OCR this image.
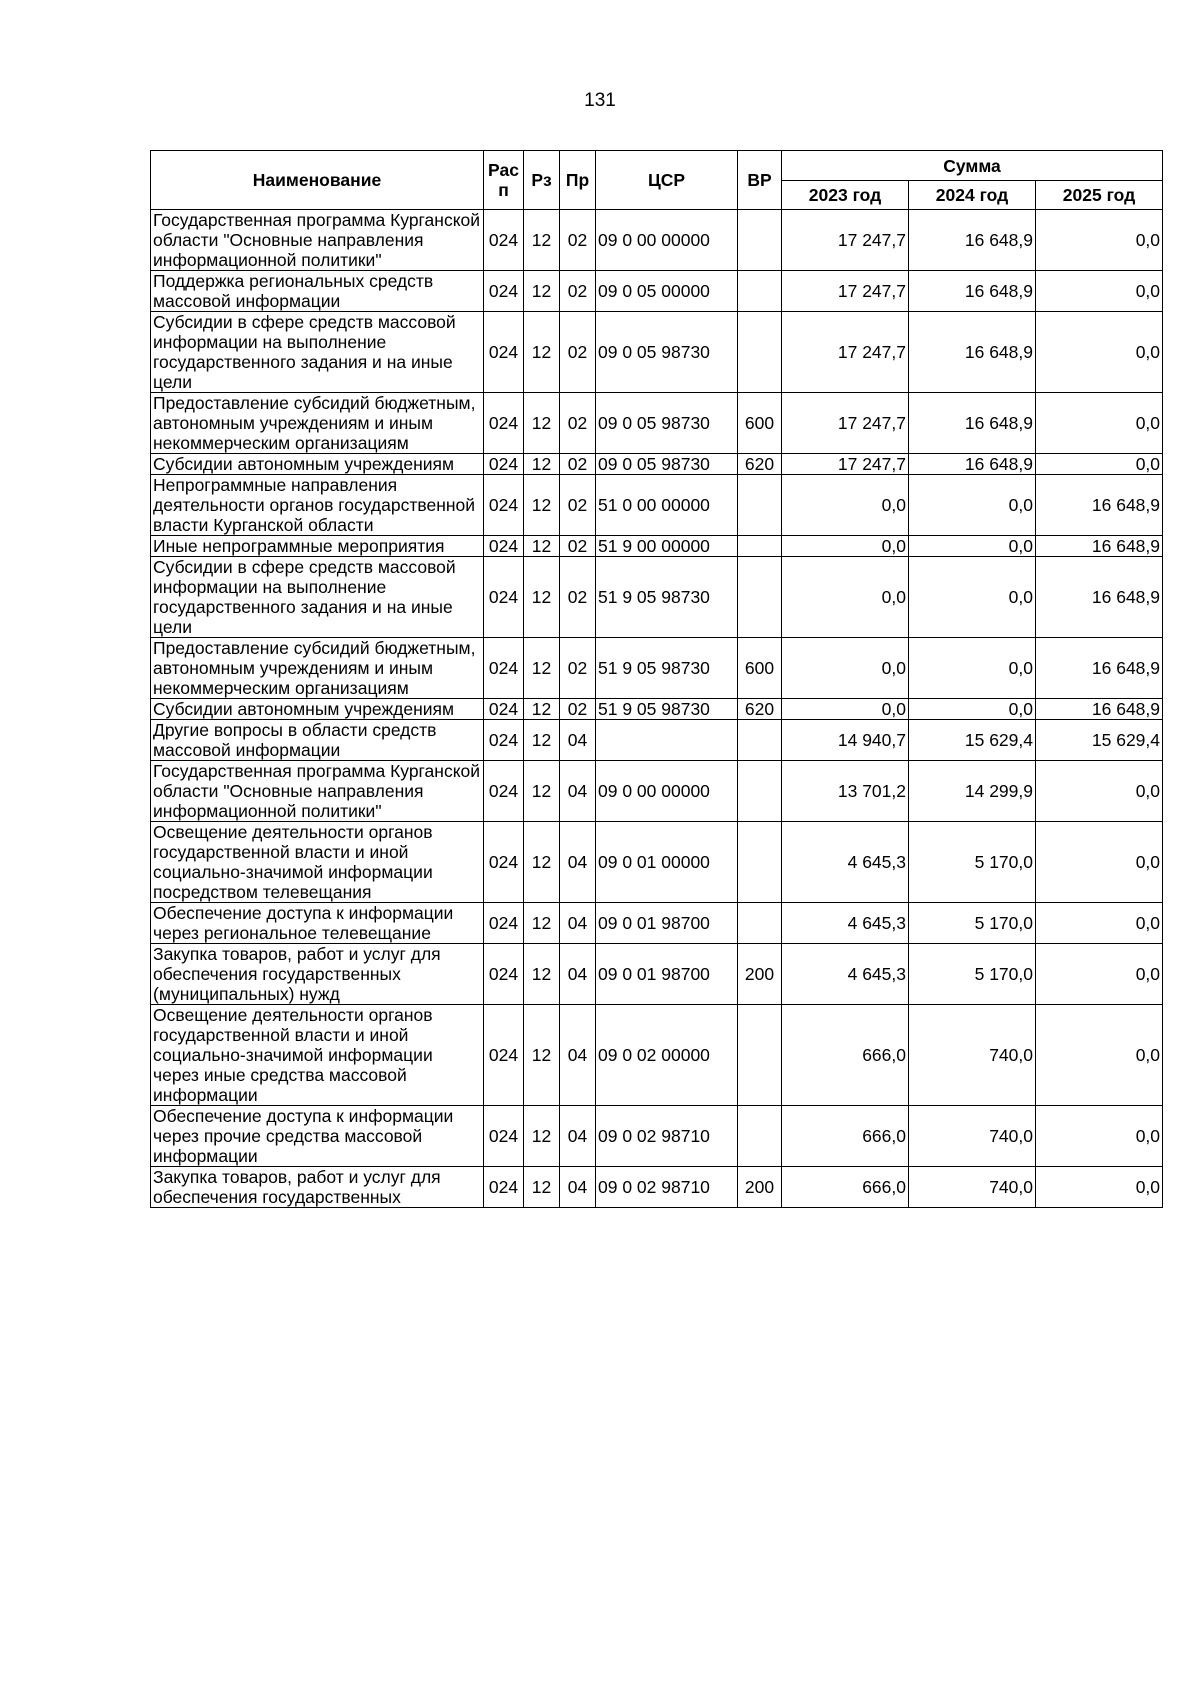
131
Наименование	Рас п	Рз	Пр	ЦСР	ВР	Сумма		
						2023 год	2024 год	2025 год
Государственная программа Курганской области "Основные направления информационной политики"	024	12	02	09 0 00 00000		17 247,7	16 648,9	0,0
Поддержка региональных средств массовой информации	024	12	02	09 0 05 00000		17 247,7	16 648,9	0,0
Субсидии в сфере средств массовой информации на выполнение государственного задания и на иные цели	024	12	02	09 0 05 98730		17 247,7	16 648,9	0,0
Предоставление субсидий бюджетным, автономным учреждениям и иным некоммерческим организациям	024	12	02	09 0 05 98730	600	17 247,7	16 648,9	0,0
Субсидии автономным учреждениям	024	12	02	09 0 05 98730	620	17 247,7	16 648,9	0,0
Непрограммные направления деятельности органов государственной власти Курганской области	024	12	02	51 0 00 00000		0,0	0,0	16 648,9
Иные непрограммные мероприятия	024	12	02	51 9 00 00000		0,0	0,0	16 648,9
Субсидии в сфере средств массовой информации на выполнение государственного задания и на иные цели	024	12	02	51 9 05 98730		0,0	0,0	16 648,9
Предоставление субсидий бюджетным, автономным учреждениям и иным некоммерческим организациям	024	12	02	51 9 05 98730	600	0,0	0,0	16 648,9
Субсидии автономным учреждениям	024	12	02	51 9 05 98730	620	0,0	0,0	16 648,9
Другие вопросы в области средств массовой информации	024	12	04			14 940,7	15 629,4	15 629,4
Государственная программа Курганской области "Основные направления информационной политики"	024	12	04	09 0 00 00000		13 701,2	14 299,9	0,0
Освещение деятельности органов государственной власти и иной социально-значимой информации посредством телевещания	024	12	04	09 0 01 00000		4 645,3	5 170,0	0,0
Обеспечение доступа к информации через региональное телевещание	024	12	04	09 0 01 98700		4 645,3	5 170,0	0,0
Закупка товаров, работ и услуг для обеспечения государственных (муниципальных) нужд	024	12	04	09 0 01 98700	200	4 645,3	5 170,0	0,0
Освещение деятельности органов государственной власти и иной социально-значимой информации через иные средства массовой информации	024	12	04	09 0 02 00000		666,0	740,0	0,0
Обеспечение доступа к информации через прочие средства массовой информации	024	12	04	09 0 02 98710		666,0	740,0	0,0
Закупка товаров, работ и услуг для обеспечения государственных	024	12	04	09 0 02 98710	200	666,0	740,0	0,0
